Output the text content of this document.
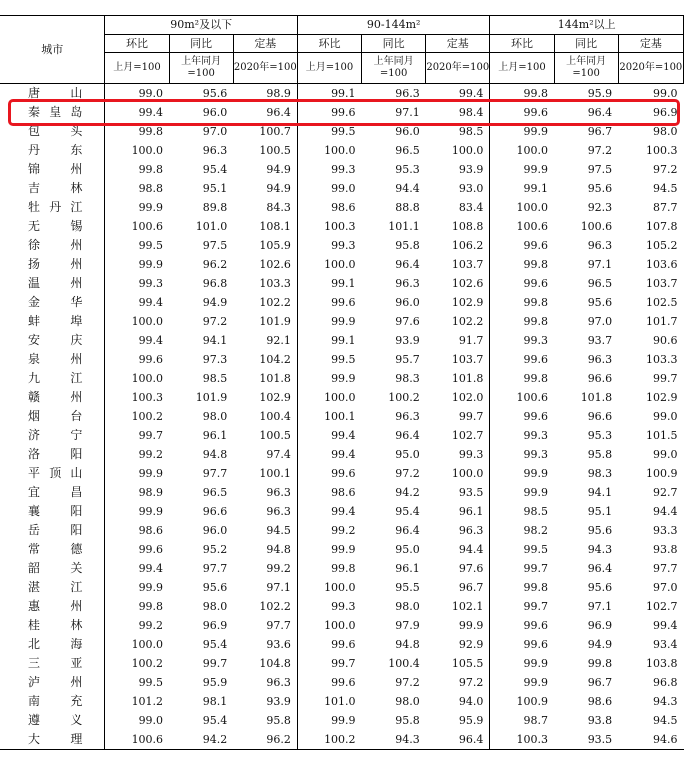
城市	90m²及以下			90-144m²			144m²以上		
	环比	同比	定基	环比	同比	定基	环比	同比	定基
	上月=100	上年同月=100	2020年=100	上月=100	上年同月=100	2020年=100	上月=100	上年同月=100	2020年=100
唐山	99.0	95.6	98.9	99.1	96.3	99.4	99.8	95.9	99.0
秦皇岛	99.4	96.0	96.4	99.6	97.1	98.4	99.6	96.4	96.9
包头	99.8	97.0	100.7	99.5	96.0	98.5	99.9	96.7	98.0
丹东	100.0	96.3	100.5	100.0	96.5	100.0	100.0	97.2	100.3
锦州	99.8	95.4	94.9	99.3	95.3	93.9	99.9	97.5	97.2
吉林	98.8	95.1	94.9	99.0	94.4	93.0	99.1	95.6	94.5
牡丹江	99.9	89.8	84.3	98.6	88.8	83.4	100.0	92.3	87.7
无锡	100.6	101.0	108.1	100.3	101.1	108.8	100.6	100.6	107.8
徐州	99.5	97.5	105.9	99.3	95.8	106.2	99.6	96.3	105.2
扬州	99.9	96.2	102.6	100.0	96.4	103.7	99.8	97.1	103.6
温州	99.3	96.8	103.3	99.1	96.3	102.6	99.6	96.5	103.7
金华	99.4	94.9	102.2	99.6	96.0	102.9	99.8	95.6	102.5
蚌埠	100.0	97.2	101.9	99.9	97.6	102.2	99.8	97.0	101.7
安庆	99.4	94.1	92.1	99.1	93.9	91.7	99.3	93.7	90.6
泉州	99.6	97.3	104.2	99.5	95.7	103.7	99.6	96.3	103.3
九江	100.0	98.5	101.8	99.9	98.3	101.8	99.8	96.6	99.7
赣州	100.3	101.9	102.9	100.0	100.2	102.0	100.6	101.8	102.9
烟台	100.2	98.0	100.4	100.1	96.3	99.7	99.6	96.6	99.0
济宁	99.7	96.1	100.5	99.4	96.4	102.7	99.3	95.3	101.5
洛阳	99.2	94.8	97.4	99.4	95.0	99.3	99.3	95.8	99.0
平顶山	99.9	97.7	100.1	99.6	97.2	100.0	99.9	98.3	100.9
宜昌	98.9	96.5	96.3	98.6	94.2	93.5	99.9	94.1	92.7
襄阳	99.9	96.6	96.3	99.4	95.4	96.1	98.5	95.1	94.4
岳阳	98.6	96.0	94.5	99.2	96.4	96.3	98.2	95.6	93.3
常德	99.6	95.2	94.8	99.9	95.0	94.4	99.5	94.3	93.8
韶关	99.4	97.7	99.2	99.8	96.1	97.6	99.7	96.4	97.7
湛江	99.9	95.6	97.1	100.0	95.5	96.7	99.8	95.6	97.0
惠州	99.8	98.0	102.2	99.3	98.0	102.1	99.7	97.1	102.7
桂林	99.2	96.9	97.7	100.0	97.9	99.9	99.6	96.9	99.4
北海	100.0	95.4	93.6	99.6	94.8	92.9	99.6	94.9	93.4
三亚	100.2	99.7	104.8	99.7	100.4	105.5	99.9	99.8	103.8
泸州	99.5	95.9	96.3	99.6	97.2	97.2	99.9	96.7	96.8
南充	101.2	98.1	93.9	101.0	98.0	94.0	100.9	98.6	94.3
遵义	99.0	95.4	95.8	99.9	95.8	95.9	98.7	93.8	94.5
大理	100.6	94.2	96.2	100.2	94.3	96.4	100.3	93.5	94.6
